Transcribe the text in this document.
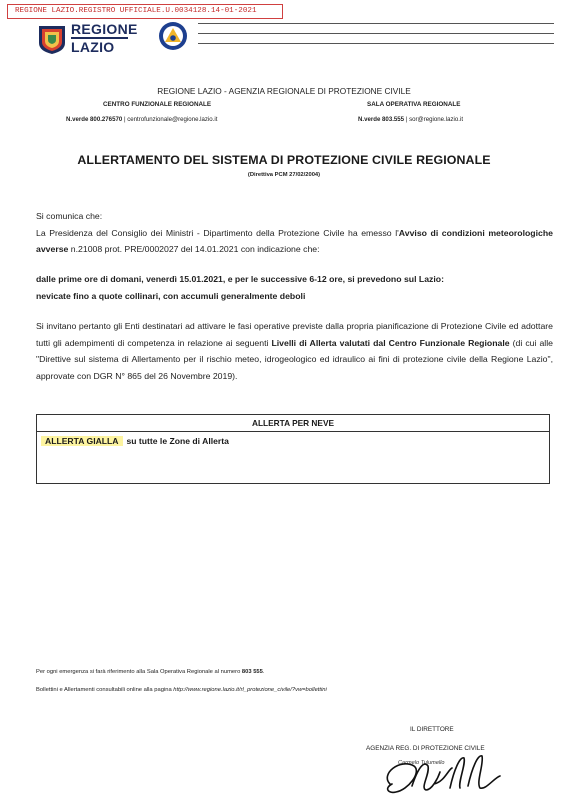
REGIONE LAZIO.REGISTRO UFFICIALE.U.0034128.14-01-2021
REGIONE
LAZIO
REGIONE LAZIO - AGENZIA REGIONALE DI PROTEZIONE CIVILE
CENTRO FUNZIONALE REGIONALE	SALA OPERATIVA REGIONALE
N.verde 800.276570 | centrofunzionale@regione.lazio.it	N.verde 803.555 | sor@regione.lazio.it
ALLERTAMENTO DEL SISTEMA DI PROTEZIONE CIVILE REGIONALE
(Direttiva PCM 27/02/2004)
Si comunica che:
La Presidenza del Consiglio dei Ministri - Dipartimento della Protezione Civile ha emesso l'Avviso di condizioni meteorologiche avverse n.21008 prot. PRE/0002027 del 14.01.2021 con indicazione che:
dalle prime ore di domani, venerdì 15.01.2021, e per le successive 6-12 ore, si prevedono sul Lazio:
nevicate fino a quote collinari, con accumuli generalmente deboli
Si invitano pertanto gli Enti destinatari ad attivare le fasi operative previste dalla propria pianificazione di Protezione Civile ed adottare tutti gli adempimenti di competenza in relazione ai seguenti Livelli di Allerta valutati dal Centro Funzionale Regionale (di cui alle "Direttive sul sistema di Allertamento per il rischio meteo, idrogeologico ed idraulico ai fini di protezione civile della Regione Lazio", approvate con DGR N° 865 del 26 Novembre 2019).
ALLERTA PER NEVE
ALLERTA GIALLA su tutte le Zone di Allerta
Per ogni emergenza si farà riferimento alla Sala Operativa Regionale al numero 803 555.
Bollettini e Allertamenti consultabili online alla pagina http://www.regione.lazio.it/rl_protezione_civile/?vw=bollettini
IL DIRETTORE
AGENZIA REG. DI PROTEZIONE CIVILE
Carmelo Tulumello
